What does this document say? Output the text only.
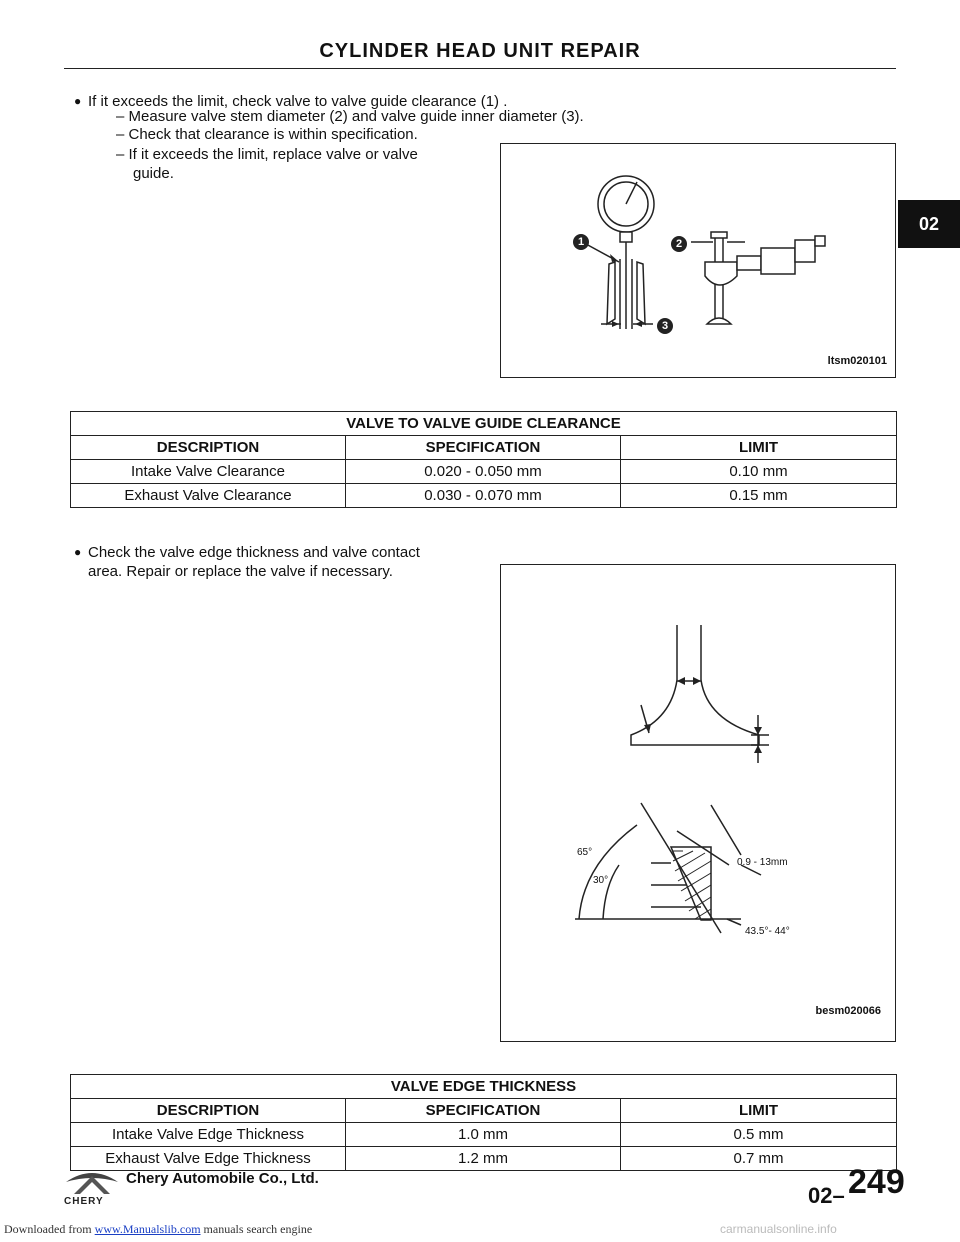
CYLINDER HEAD UNIT REPAIR
02
● If it exceeds the limit, check valve to valve guide clearance (1) .
– Measure valve stem diameter (2) and valve guide inner diameter (3).
– Check that clearance is within specification.
– If it exceeds the limit, replace valve or valve
guide.
1	2
3
ltsm020101
VALVE TO VALVE GUIDE CLEARANCE		
DESCRIPTION	SPECIFICATION	LIMIT
Intake Valve Clearance	0.020 - 0.050 mm	0.10 mm
Exhaust Valve Clearance	0.030 - 0.070 mm	0.15 mm
● Check the valve edge thickness and valve contact
area. Repair or replace the valve if necessary.
65°
30°
0.9 - 13mm
43.5°- 44°
besm020066
VALVE EDGE THICKNESS		
DESCRIPTION	SPECIFICATION	LIMIT
Intake Valve Edge Thickness	1.0 mm	0.5 mm
Exhaust Valve Edge Thickness	1.2 mm	0.7 mm
CHERY
Chery Automobile Co., Ltd.
02– 249
Downloaded from www.Manualslib.com manuals search engine	carmanualsonline.info
